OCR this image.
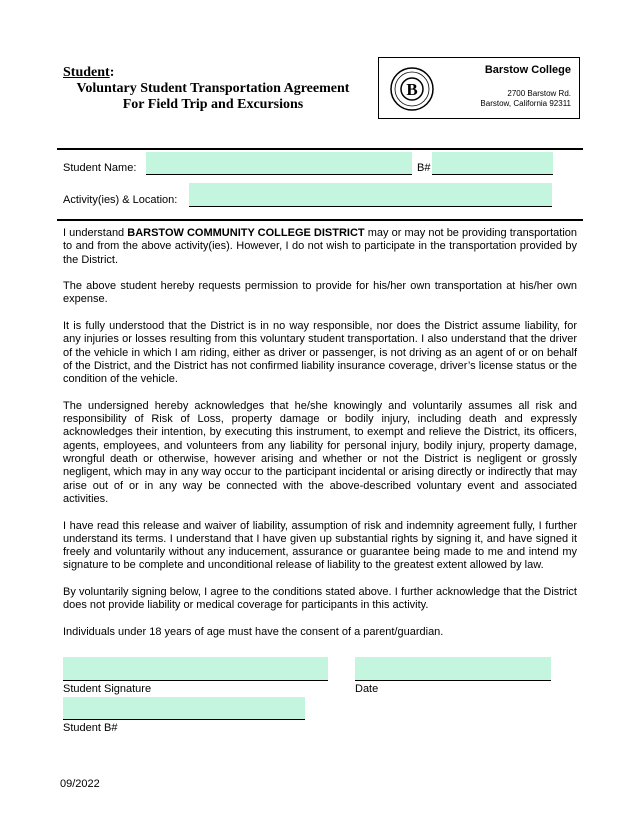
Student:
Voluntary Student Transportation Agreement
For Field Trip and Excursions
B
Barstow College
2700 Barstow Rd.
Barstow, California 92311
Student Name:	B#
Activity(ies) & Location:

I understand BARSTOW COMMUNITY COLLEGE DISTRICT may or may not be providing transportation to and from the above activity(ies). However, I do not wish to participate in the transportation provided by the District.

The above student hereby requests permission to provide for his/her own transportation at his/her own expense.

It is fully understood that the District is in no way responsible, nor does the District assume liability, for any injuries or losses resulting from this voluntary student transportation. I also understand that the driver of the vehicle in which I am riding, either as driver or passenger, is not driving as an agent of or on behalf of the District, and the District has not confirmed liability insurance coverage, driver’s license status or the condition of the vehicle.

The undersigned hereby acknowledges that he/she knowingly and voluntarily assumes all risk and responsibility of Risk of Loss, property damage or bodily injury, including death and expressly acknowledges their intention, by executing this instrument, to exempt and relieve the District, its officers, agents, employees, and volunteers from any liability for personal injury, bodily injury, property damage, wrongful death or otherwise, however arising and whether or not the District is negligent or grossly negligent, which may in any way occur to the participant incidental or arising directly or indirectly that may arise out of or in any way be connected with the above-described voluntary event and associated activities.

I have read this release and waiver of liability, assumption of risk and indemnity agreement fully, I further understand its terms. I understand that I have given up substantial rights by signing it, and have signed it freely and voluntarily without any inducement, assurance or guarantee being made to me and intend my signature to be complete and unconditional release of liability to the greatest extent allowed by law.

By voluntarily signing below, I agree to the conditions stated above. I further acknowledge that the District does not provide liability or medical coverage for participants in this activity.

Individuals under 18 years of age must have the consent of a parent/guardian.

Student Signature	Date
Student B#
09/2022
